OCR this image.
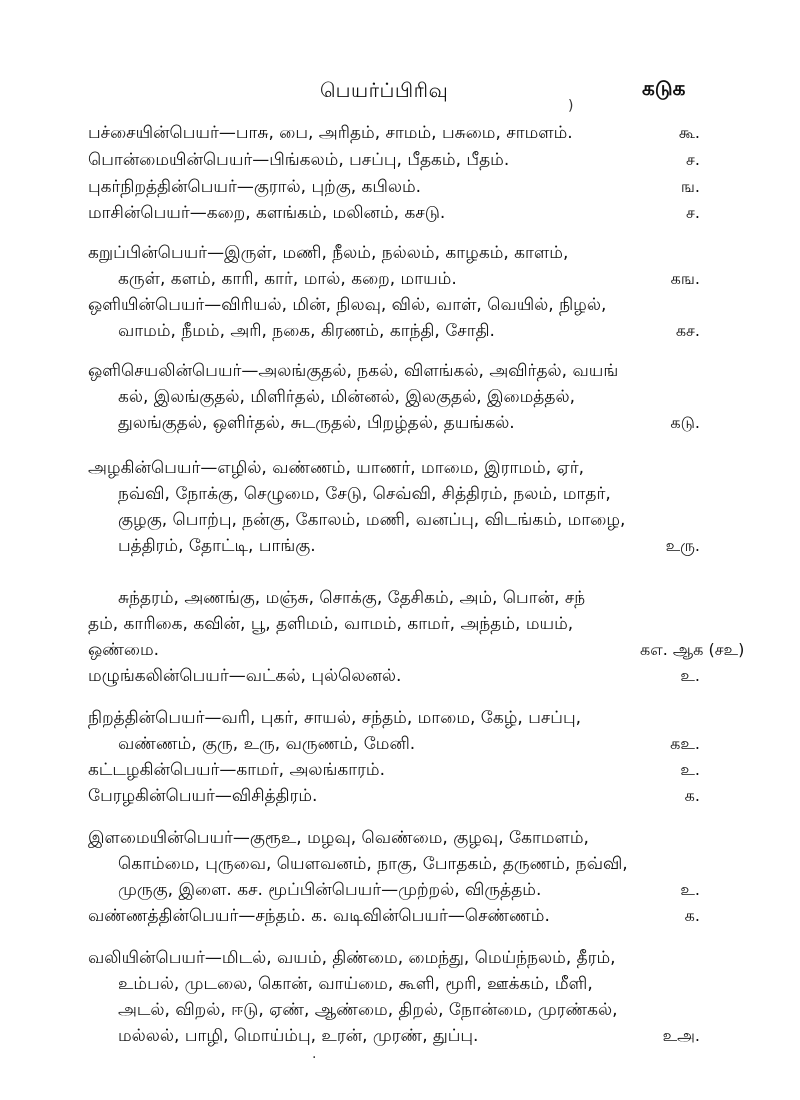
பெயர்ப்பிரிவு	கடுக
)
பச்சையின்பெயர்—பாசு, பை, அரிதம், சாமம், பசுமை, சாமளம்.	கூ.
பொன்மையின்பெயர்—பிங்கலம், பசப்பு, பீதகம், பீதம்.	ச.
புகர்நிறத்தின்பெயர்—குரால், புற்கு, கபிலம்.	ங.
மாசின்பெயர்—கறை, களங்கம், மலினம், கசடு.	ச.
கறுப்பின்பெயர்—இருள், மணி, நீலம், நல்லம், காழகம், காளம்,
கருள், களம், காரி, கார், மால், கறை, மாயம்.	கங.
ஒளியின்பெயர்—விரியல், மின், நிலவு, வில், வாள், வெயில், நிழல்,
வாமம், நீமம், அரி, நகை, கிரணம், காந்தி, சோதி.	கச.
ஒளிசெயலின்பெயர்—அலங்குதல், நகல், விளங்கல், அவிர்தல், வயங்
கல், இலங்குதல், மிளிர்தல், மின்னல், இலகுதல், இமைத்தல்,
துலங்குதல், ஒளிர்தல், சுடருதல், பிறழ்தல், தயங்கல்.	கடு.
அழகின்பெயர்—எழில், வண்ணம், யாணர், மாமை, இராமம், ஏர்,
நவ்வி, நோக்கு, செழுமை, சேடு, செவ்வி, சித்திரம், நலம், மாதர்,
குழகு, பொற்பு, நன்கு, கோலம், மணி, வனப்பு, விடங்கம், மாழை,
பத்திரம், தோட்டி, பாங்கு.	உரு.
சுந்தரம், அணங்கு, மஞ்சு, சொக்கு, தேசிகம், அம், பொன், சந்
தம், காரிகை, கவின், பூ, தளிமம், வாமம், காமர், அந்தம், மயம்,
ஒண்மை.	கஎ. ஆக (சஉ)
மழுங்கலின்பெயர்—வட்கல், புல்லெனல்.	உ.
நிறத்தின்பெயர்—வரி, புகர், சாயல், சந்தம், மாமை, கேழ், பசப்பு,
வண்ணம், குரு, உரு, வருணம், மேனி.	கஉ.
கட்டழகின்பெயர்—காமர், அலங்காரம்.	உ.
பேரழகின்பெயர்—விசித்திரம்.	க.
இளமையின்பெயர்—குரூஉ, மழவு, வெண்மை, குழவு, கோமளம்,
கொம்மை, புருவை, யௌவனம், நாகு, போதகம், தருணம், நவ்வி,
முருகு, இளை. கச. மூப்பின்பெயர்—முற்றல், விருத்தம்.	உ.
வண்ணத்தின்பெயர்—சந்தம். க. வடிவின்பெயர்—செண்ணம்.	க.
வலியின்பெயர்—மிடல், வயம், திண்மை, மைந்து, மெய்ந்நலம், தீரம்,
உம்பல், முடலை, கொன், வாய்மை, கூளி, மூரி, ஊக்கம், மீளி,
அடல், விறல், ஈடு, ஏண், ஆண்மை, திறல், நோன்மை, முரண்கல்,
மல்லல், பாழி, மொய்ம்பு, உரன், முரண், துப்பு.	உஅ.
·
